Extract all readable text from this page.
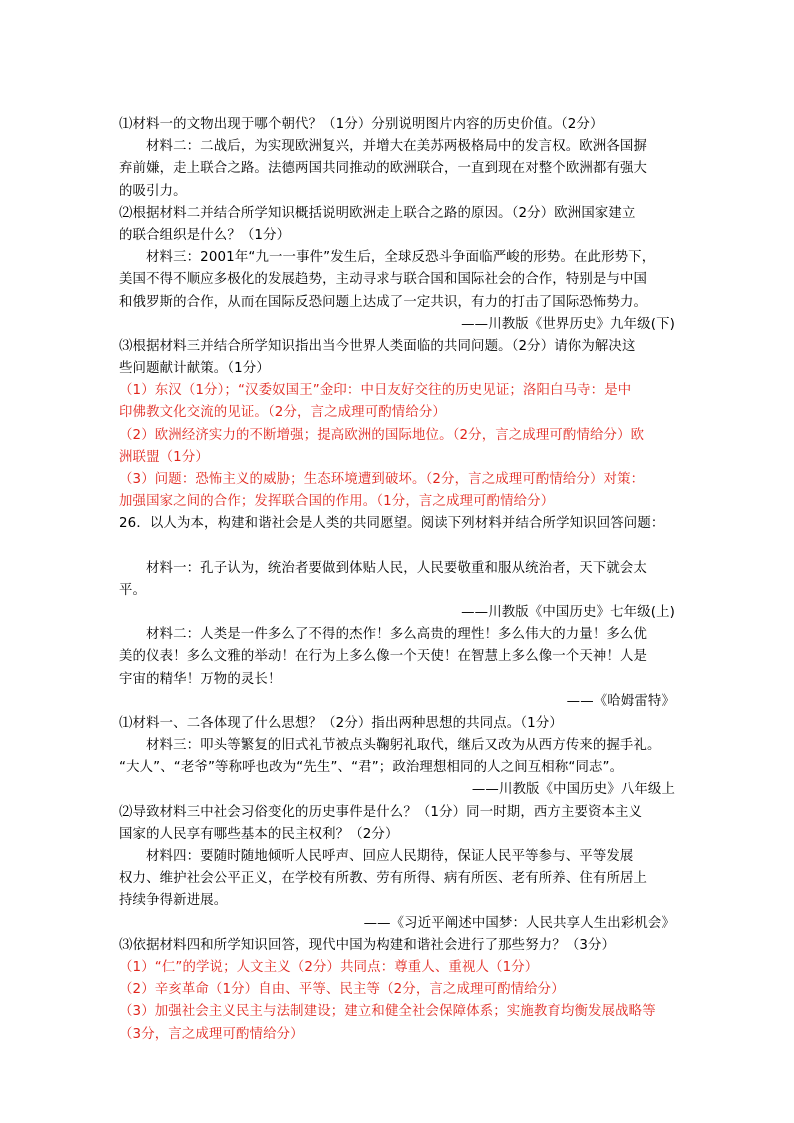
⑴材料一的文物出现于哪个朝代？（1分）分别说明图片内容的历史价值。（2分）
材料二：二战后，为实现欧洲复兴，并增大在美苏两极格局中的发言权。欧洲各国摒
弃前嫌，走上联合之路。法德两国共同推动的欧洲联合，一直到现在对整个欧洲都有强大
的吸引力。
⑵根据材料二并结合所学知识概括说明欧洲走上联合之路的原因。（2分）欧洲国家建立
的联合组织是什么？（1分）
材料三：2001年“九一一事件”发生后，全球反恐斗争面临严峻的形势。在此形势下，
美国不得不顺应多极化的发展趋势，主动寻求与联合国和国际社会的合作，特别是与中国
和俄罗斯的合作，从而在国际反恐问题上达成了一定共识，有力的打击了国际恐怖势力。
——川教版《世界历史》九年级(下)
⑶根据材料三并结合所学知识指出当今世界人类面临的共同问题。（2分）请你为解决这
些问题献计献策。（1分）
（1）东汉（1分）；“汉委奴国王”金印：中日友好交往的历史见证；洛阳白马寺：是中
印佛教文化交流的见证。（2分，言之成理可酌情给分）
（2）欧洲经济实力的不断增强；提高欧洲的国际地位。（2分，言之成理可酌情给分）欧
洲联盟（1分）
（3）问题：恐怖主义的威胁；生态环境遭到破坏。（2分，言之成理可酌情给分）对策：
加强国家之间的合作；发挥联合国的作用。（1分，言之成理可酌情给分）
26．以人为本，构建和谐社会是人类的共同愿望。阅读下列材料并结合所学知识回答问题：
材料一：孔子认为，统治者要做到体贴人民，人民要敬重和服从统治者，天下就会太
平。
——川教版《中国历史》七年级(上)
材料二：人类是一件多么了不得的杰作！多么高贵的理性！多么伟大的力量！多么优
美的仪表！多么文雅的举动！在行为上多么像一个天使！在智慧上多么像一个天神！人是
宇宙的精华！万物的灵长！
——《哈姆雷特》
⑴材料一、二各体现了什么思想？（2分）指出两种思想的共同点。（1分）
材料三：叩头等繁复的旧式礼节被点头鞠躬礼取代，继后又改为从西方传来的握手礼。
“大人”、“老爷”等称呼也改为“先生”、“君”；政治理想相同的人之间互相称“同志”。
——川教版《中国历史》八年级上
⑵导致材料三中社会习俗变化的历史事件是什么？（1分）同一时期，西方主要资本主义
国家的人民享有哪些基本的民主权利？（2分）
材料四：要随时随地倾听人民呼声、回应人民期待，保证人民平等参与、平等发展
权力、维护社会公平正义，在学校有所教、劳有所得、病有所医、老有所养、住有所居上
持续争得新进展。
——《习近平阐述中国梦：人民共享人生出彩机会》
⑶依据材料四和所学知识回答，现代中国为构建和谐社会进行了那些努力？（3分）
（1）“仁”的学说；人文主义（2分）共同点：尊重人、重视人（1分）
（2）辛亥革命（1分）自由、平等、民主等（2分，言之成理可酌情给分）
（3）加强社会主义民主与法制建设；建立和健全社会保障体系；实施教育均衡发展战略等
（3分，言之成理可酌情给分）
